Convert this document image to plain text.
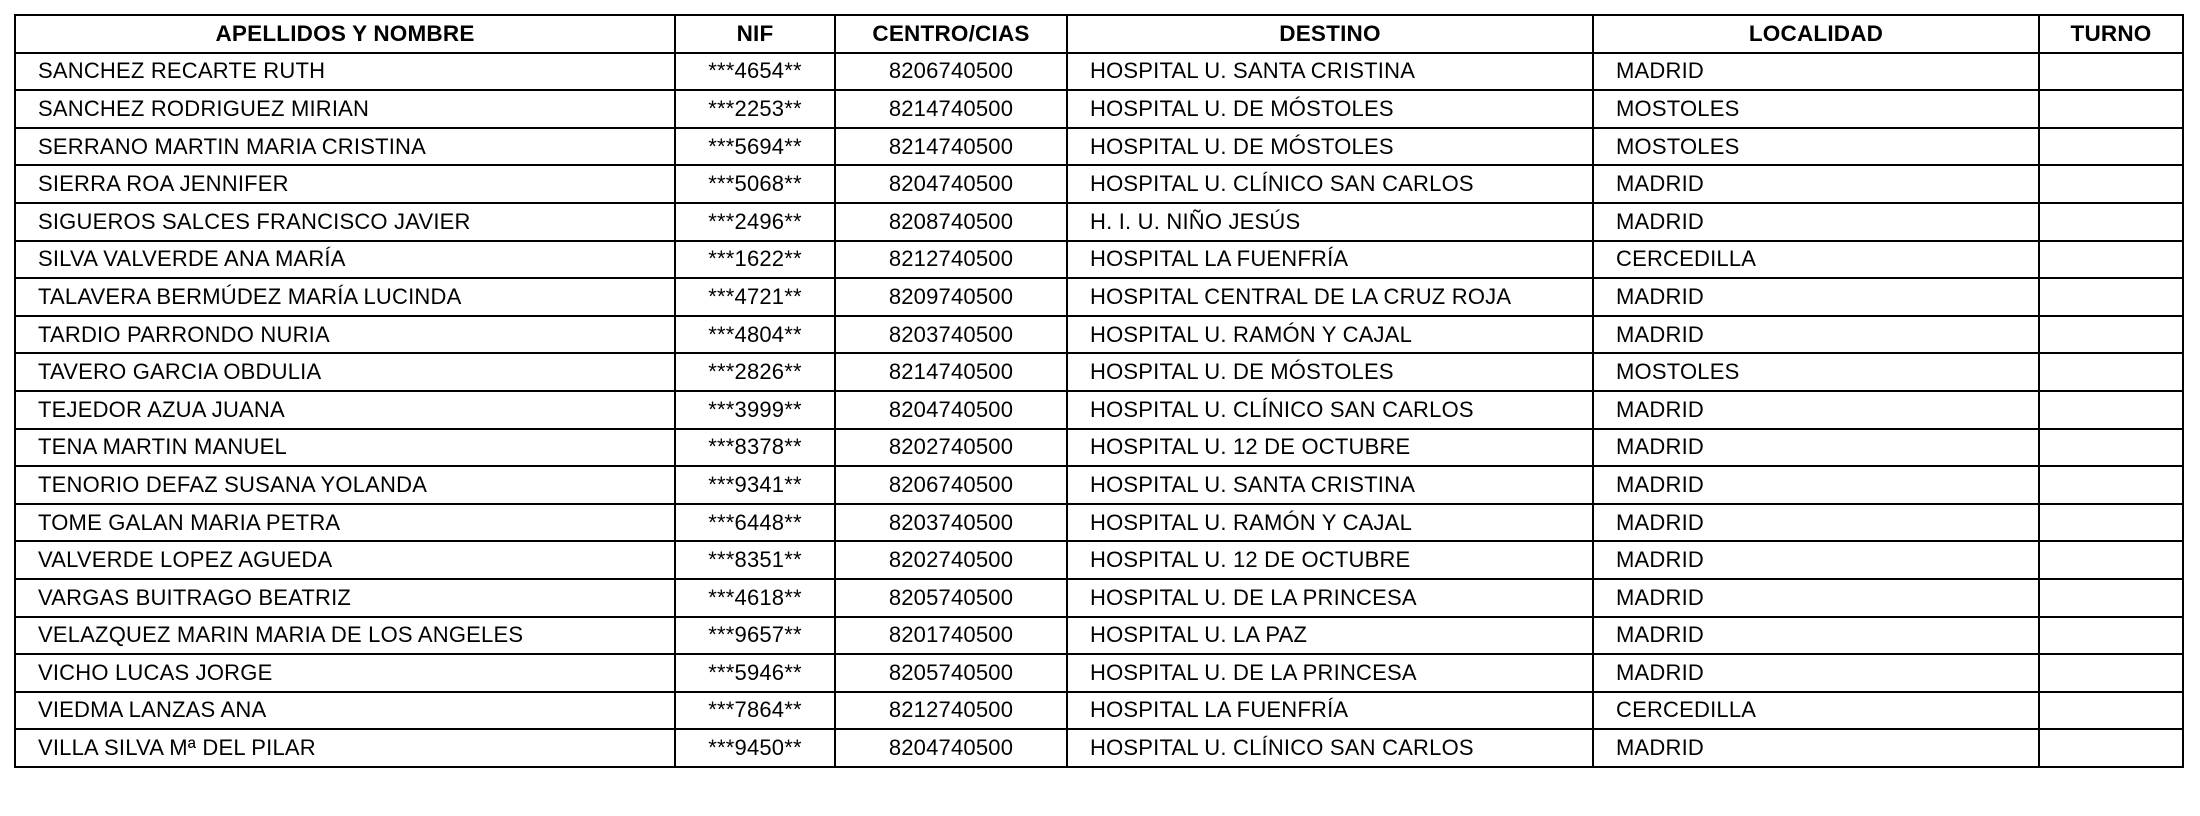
APELLIDOS Y NOMBRE	NIF	CENTRO/CIAS	DESTINO	LOCALIDAD	TURNO
SANCHEZ RECARTE RUTH	***4654**	8206740500	HOSPITAL U. SANTA CRISTINA	MADRID	
SANCHEZ RODRIGUEZ MIRIAN	***2253**	8214740500	HOSPITAL U. DE MÓSTOLES	MOSTOLES	
SERRANO MARTIN MARIA CRISTINA	***5694**	8214740500	HOSPITAL U. DE MÓSTOLES	MOSTOLES	
SIERRA ROA JENNIFER	***5068**	8204740500	HOSPITAL U. CLÍNICO SAN CARLOS	MADRID	
SIGUEROS SALCES FRANCISCO JAVIER	***2496**	8208740500	H. I. U. NIÑO JESÚS	MADRID	
SILVA VALVERDE ANA MARÍA	***1622**	8212740500	HOSPITAL LA FUENFRÍA	CERCEDILLA	
TALAVERA BERMÚDEZ MARÍA LUCINDA	***4721**	8209740500	HOSPITAL CENTRAL DE LA CRUZ ROJA	MADRID	
TARDIO PARRONDO NURIA	***4804**	8203740500	HOSPITAL U. RAMÓN Y CAJAL	MADRID	
TAVERO GARCIA OBDULIA	***2826**	8214740500	HOSPITAL U. DE MÓSTOLES	MOSTOLES	
TEJEDOR AZUA JUANA	***3999**	8204740500	HOSPITAL U. CLÍNICO SAN CARLOS	MADRID	
TENA MARTIN MANUEL	***8378**	8202740500	HOSPITAL U. 12 DE OCTUBRE	MADRID	
TENORIO DEFAZ SUSANA YOLANDA	***9341**	8206740500	HOSPITAL U. SANTA CRISTINA	MADRID	
TOME GALAN MARIA PETRA	***6448**	8203740500	HOSPITAL U. RAMÓN Y CAJAL	MADRID	
VALVERDE LOPEZ AGUEDA	***8351**	8202740500	HOSPITAL U. 12 DE OCTUBRE	MADRID	
VARGAS BUITRAGO BEATRIZ	***4618**	8205740500	HOSPITAL U. DE LA PRINCESA	MADRID	
VELAZQUEZ MARIN MARIA DE LOS ANGELES	***9657**	8201740500	HOSPITAL U. LA PAZ	MADRID	
VICHO LUCAS JORGE	***5946**	8205740500	HOSPITAL U. DE LA PRINCESA	MADRID	
VIEDMA LANZAS ANA	***7864**	8212740500	HOSPITAL LA FUENFRÍA	CERCEDILLA	
VILLA SILVA Mª DEL PILAR	***9450**	8204740500	HOSPITAL U. CLÍNICO SAN CARLOS	MADRID	
